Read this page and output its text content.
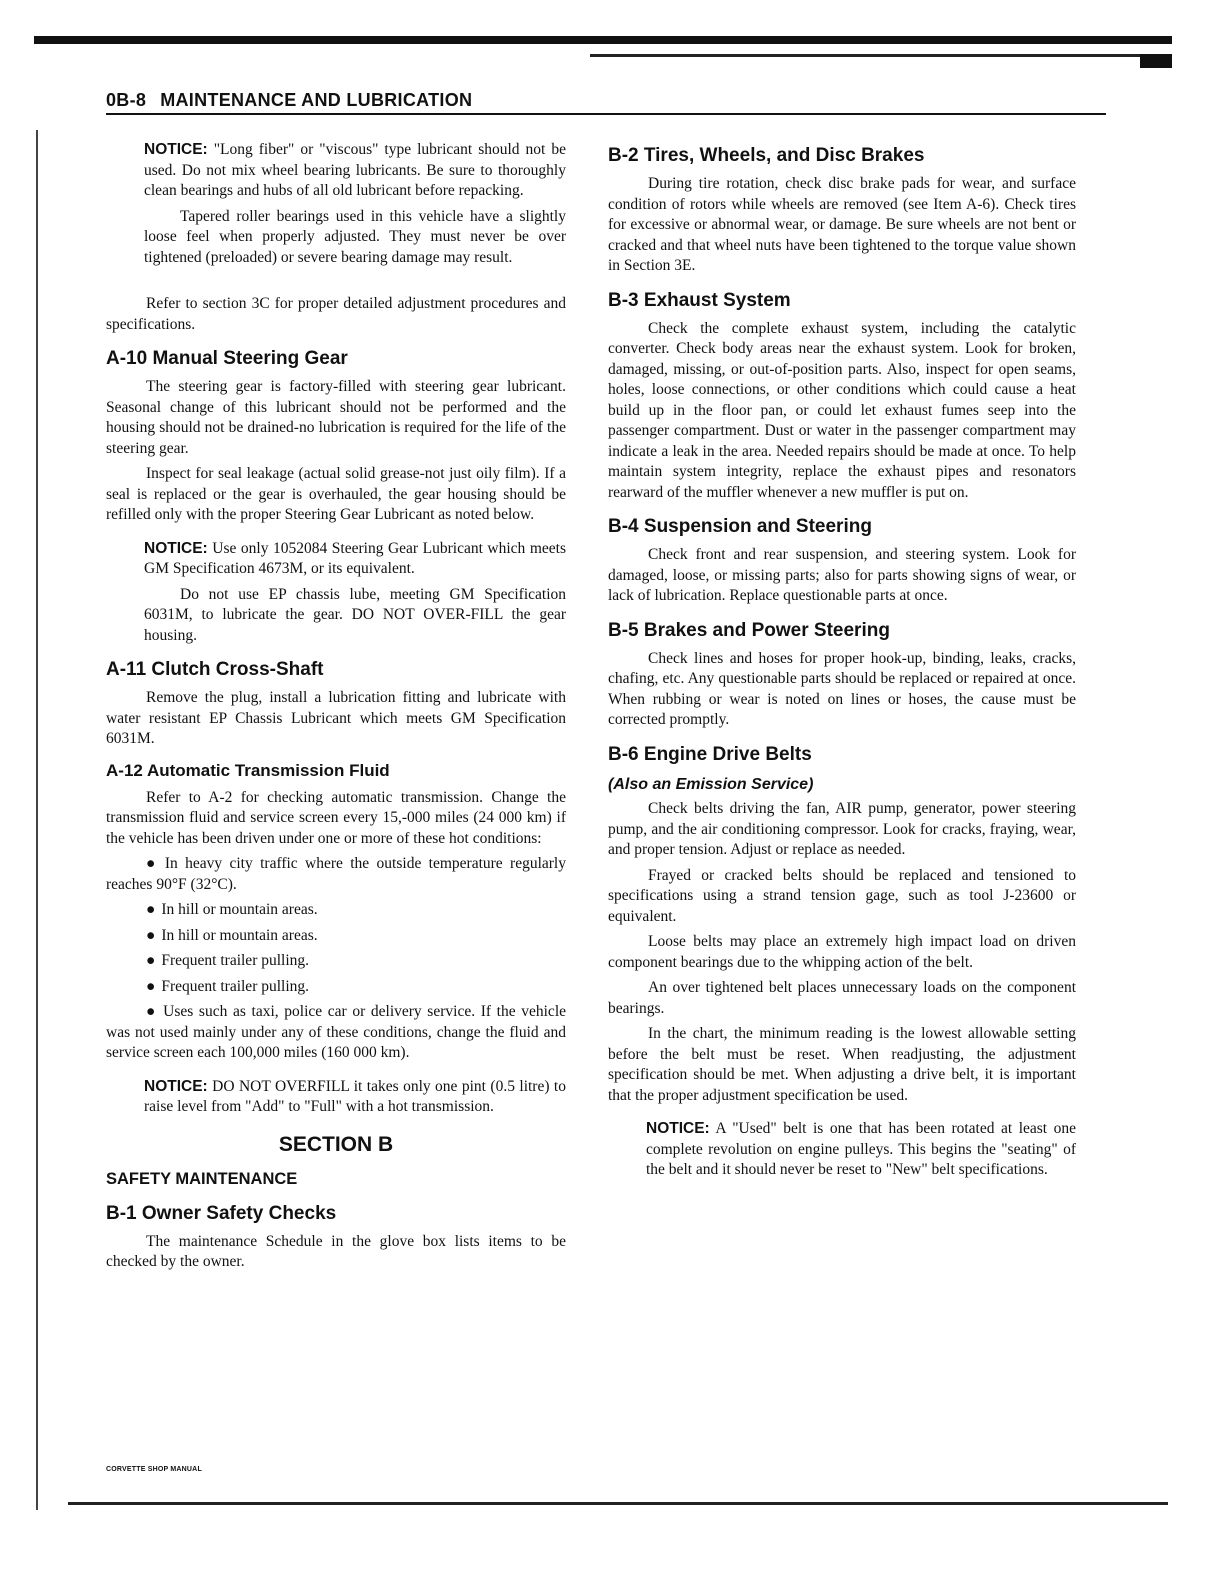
0B-8 MAINTENANCE AND LUBRICATION

NOTICE: "Long fiber" or "viscous" type lubricant should not be used. Do not mix wheel bearing lubricants. Be sure to thoroughly clean bearings and hubs of all old lubricant before repacking.

Tapered roller bearings used in this vehicle have a slightly loose feel when properly adjusted. They must never be over tightened (preloaded) or severe bearing damage may result.

Refer to section 3C for proper detailed adjustment procedures and specifications.

A-10 Manual Steering Gear

The steering gear is factory-filled with steering gear lubricant. Seasonal change of this lubricant should not be performed and the housing should not be drained-no lubrication is required for the life of the steering gear.

Inspect for seal leakage (actual solid grease-not just oily film). If a seal is replaced or the gear is overhauled, the gear housing should be refilled only with the proper Steering Gear Lubricant as noted below.

NOTICE: Use only 1052084 Steering Gear Lubricant which meets GM Specification 4673M, or its equivalent.

Do not use EP chassis lube, meeting GM Specification 6031M, to lubricate the gear. DO NOT OVER-FILL the gear housing.

A-11 Clutch Cross-Shaft

Remove the plug, install a lubrication fitting and lubricate with water resistant EP Chassis Lubricant which meets GM Specification 6031M.

A-12 Automatic Transmission Fluid

Refer to A-2 for checking automatic transmission. Change the transmission fluid and service screen every 15,-000 miles (24 000 km) if the vehicle has been driven under one or more of these hot conditions:

● In heavy city traffic where the outside temperature regularly reaches 90°F (32°C).

● In hill or mountain areas.

● In hill or mountain areas.

● Frequent trailer pulling.

● Frequent trailer pulling.

● Uses such as taxi, police car or delivery service. If the vehicle was not used mainly under any of these conditions, change the fluid and service screen each 100,000 miles (160 000 km).

NOTICE: DO NOT OVERFILL it takes only one pint (0.5 litre) to raise level from "Add" to "Full" with a hot transmission.

SECTION B
SAFETY MAINTENANCE
B-1 Owner Safety Checks

The maintenance Schedule in the glove box lists items to be checked by the owner.

B-2 Tires, Wheels, and Disc Brakes

During tire rotation, check disc brake pads for wear, and surface condition of rotors while wheels are removed (see Item A-6). Check tires for excessive or abnormal wear, or damage. Be sure wheels are not bent or cracked and that wheel nuts have been tightened to the torque value shown in Section 3E.

B-3 Exhaust System

Check the complete exhaust system, including the catalytic converter. Check body areas near the exhaust system. Look for broken, damaged, missing, or out-of-position parts. Also, inspect for open seams, holes, loose connections, or other conditions which could cause a heat build up in the floor pan, or could let exhaust fumes seep into the passenger compartment. Dust or water in the passenger compartment may indicate a leak in the area. Needed repairs should be made at once. To help maintain system integrity, replace the exhaust pipes and resonators rearward of the muffler whenever a new muffler is put on.

B-4 Suspension and Steering

Check front and rear suspension, and steering system. Look for damaged, loose, or missing parts; also for parts showing signs of wear, or lack of lubrication. Replace questionable parts at once.

B-5 Brakes and Power Steering

Check lines and hoses for proper hook-up, binding, leaks, cracks, chafing, etc. Any questionable parts should be replaced or repaired at once. When rubbing or wear is noted on lines or hoses, the cause must be corrected promptly.

B-6 Engine Drive Belts
(Also an Emission Service)

Check belts driving the fan, AIR pump, generator, power steering pump, and the air conditioning compressor. Look for cracks, fraying, wear, and proper tension. Adjust or replace as needed.

Frayed or cracked belts should be replaced and tensioned to specifications using a strand tension gage, such as tool J-23600 or equivalent.

Loose belts may place an extremely high impact load on driven component bearings due to the whipping action of the belt.

An over tightened belt places unnecessary loads on the component bearings.

In the chart, the minimum reading is the lowest allowable setting before the belt must be reset. When readjusting, the adjustment specification should be met. When adjusting a drive belt, it is important that the proper adjustment specification be used.

NOTICE: A "Used" belt is one that has been rotated at least one complete revolution on engine pulleys. This begins the "seating" of the belt and it should never be reset to "New" belt specifications.

CORVETTE SHOP MANUAL
